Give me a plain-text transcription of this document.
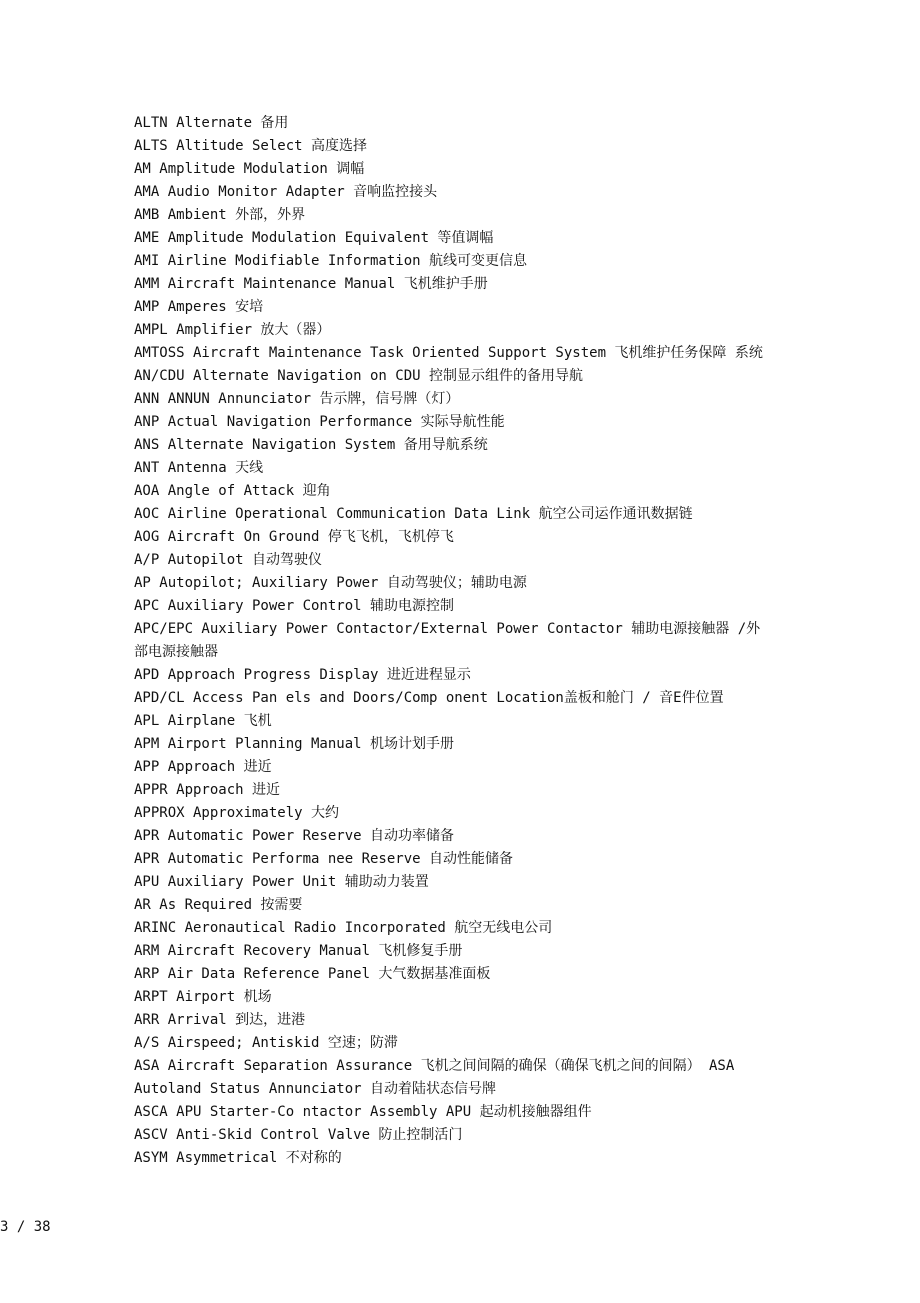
ALTN Alternate 备用
ALTS Altitude Select 高度选择
AM Amplitude Modulation 调幅
AMA Audio Monitor Adapter 音响监控接头
AMB Ambient 外部，外界
AME Amplitude Modulation Equivalent 等值调幅
AMI Airline Modifiable Information 航线可变更信息
AMM Aircraft Maintenance Manual 飞机维护手册
AMP Amperes 安培
AMPL Amplifier 放大（器）
AMTOSS Aircraft Maintenance Task Oriented Support System 飞机维护任务保障 系统
AN/CDU Alternate Navigation on CDU 控制显示组件的备用导航
ANN ANNUN Annunciator 告示牌，信号牌（灯）
ANP Actual Navigation Performance 实际导航性能
ANS Alternate Navigation System 备用导航系统
ANT Antenna 天线
AOA Angle of Attack 迎角
AOC Airline Operational Communication Data Link 航空公司运作通讯数据链
AOG Aircraft On Ground 停飞飞机，飞机停飞
A/P Autopilot 自动驾驶仪
AP Autopilot; Auxiliary Power 自动驾驶仪；辅助电源
APC Auxiliary Power Control 辅助电源控制
APC/EPC Auxiliary Power Contactor/External Power Contactor 辅助电源接触器 /外部电源接触器
APD Approach Progress Display 进近进程显示
APD/CL Access Pan els and Doors/Comp onent Location盖板和舱门 / 音E件位置
APL Airplane 飞机
APM Airport Planning Manual 机场计划手册
APP Approach 进近
APPR Approach 进近
APPROX Approximately 大约
APR Automatic Power Reserve 自动功率储备
APR Automatic Performa nee Reserve 自动性能储备
APU Auxiliary Power Unit 辅助动力装置
AR As Required 按需要
ARINC Aeronautical Radio Incorporated 航空无线电公司
ARM Aircraft Recovery Manual 飞机修复手册
ARP Air Data Reference Panel 大气数据基准面板
ARPT Airport 机场
ARR Arrival 到达，进港
A/S Airspeed; Antiskid 空速；防滞
ASA Aircraft Separation Assurance 飞机之间间隔的确保（确保飞机之间的间隔） ASA Autoland Status Annunciator 自动着陆状态信号牌
ASCA APU Starter-Co ntactor Assembly APU 起动机接触器组件
ASCV Anti-Skid Control Valve 防止控制活门
ASYM Asymmetrical 不对称的
3 / 38
